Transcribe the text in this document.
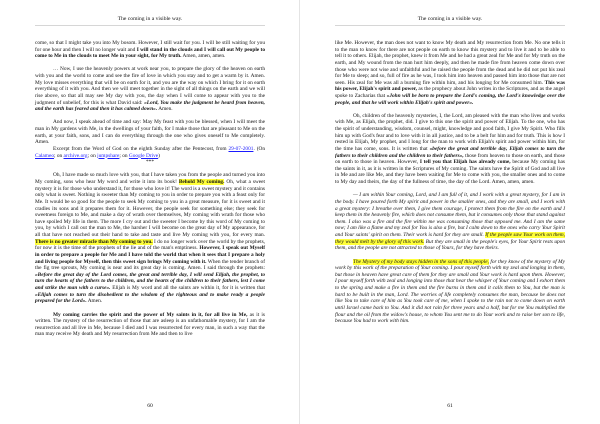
The coming in a visible way.

come, so that I might take you into My bosom. However, I still wait for you. I will be still waiting for you for one hour and then I will no longer wait and I will stand in the clouds and I will call out My people to come to Me in the clouds to meet Me in your sight, for My truth. Amen, amen, amen.

… Now, I use the heavenly powers at work near you, to prepare the glory of the heaven on earth with you and the world to come and see the fire of love in which you stay and to get a warm by it. Amen. My love misses everything that will be on earth for it, and you are the way on which I bring for it on earth everything of it with you. And then we will meet together in the sight of all things on the earth and we will rise above, so that all may see My day with you, the day when I will come to appear with you to the judgment of unbelief, for this is what David said: «Lord, You make the judgment be heard from heaven, and the earth has feared and then it has calmed down». Amen.

And now, I speak ahead of time and say: May My feast with you be blessed, when I will meet the man in My gardens with Me, in the dwellings of your faith, for I make those that are pleasant to Me on the earth, at your faith, sons, and I can do everything through the one who gives oneself to Me completely. Amen.

Excerpt from the Word of God on the eighth Sunday after the Pentecost, from 29-07-2001. (On Calameo; on archive.org; on jumpshare; on Google Drive)

***

Oh, I have made so much love with you, that I have taken you from the people and turned you into My coming, sons who hear My word and write it into its book! Behold My coming. Oh, what a sweet mystery it is for those who understand it, for those who love it! The word is a sweet mystery and it contains only what is sweet. Nothing is sweeter than My coming to you in order to prepare you with a feast only for Me. It would be so good for the people to seek My coming to you in a great measure, for it is sweet and it cradles its sons and it prepares them for it. However, the people seek for something else; they seek for sweetness foreign to Me, and make a day of wrath over themselves, My coming with wrath for those who have spoiled My life in them. The more I cry out and the sweeter I become by this word of My coming to you, by which I call out the man to Me, the harsher I will become on the great day of My appearance, for all that have not reached out their hand to take and taste and live My coming with you, for every man. There is no greater miracle than My coming to you. I do no longer work over the world by the prophets, for now it is the time of the prophets of the lie and of the man's emptiness. However, I speak out Myself in order to prepare a people for Me and I have told the world that when it sees that I prepare a holy and living people for Myself, then this sweet sign brings My coming with it. When the tender branch of the fig tree sprouts, My coming is near and its great day is coming. Amen. I said through the prophets: «Before the great day of the Lord comes, the great and terrible day, I will send Elijah, the prophet, to turn the hearts of the fathers to the children, and the hearts of the children to their fathers, lest I come and strike the man with a curse». Elijah is My word and all the saints are within it, for it is written that «Elijah comes to turn the disobedient to the wisdom of the righteous and to make ready a people prepared for the Lord». Amen.

My coming carries the spirit and the power of My saints in it, for all live in Me, as it is written. The mystery of the resurrection of those that are asleep is an unfathomable mystery, for I am the resurrection and all live in Me, because I died and I was resurrected for every man, in such a way that the man may receive My death and My resurrection from Me and then to live

60
The coming in a visible way.

like Me. However, the man does not want to know My death and My resurrection from Me. No one tells it to the man to know for there are not people on earth to know this mystery and to live it and to be able to tell it to others. Elijah, the prophet, knew it from Me and he had a great zeal for Me and for My truth on the earth, and My wound from the man hurt him deeply, and then he made fire from heaven come down over those who were not wise and unfaithful and he raised the people from the dead and he did not put his zeal for Me to sleep; and so, full of fire as he was, I took him into heaven and passed him into those that are not seen. His zeal for Me was all a burning fire within him, and his longing for Me consumed him. This was his power, Elijah's spirit and power, as the prophecy about John writes in the Scriptures, and as the angel spoke to Zacharias that «John will be born to prepare the Lord's coming, the Lord's knowledge over the people, and that he will work within Elijah's spirit and power».

Oh, children of the heavenly mysteries, I, the Lord, am pleased with the man who lives and works with Me, as Elijah, the prophet, did. I give to this one the spirit and power of Elijah. To the one, who has the spirit of understanding, wisdom, counsel, might, knowledge and good faith, I give My Spirit. Who fills him up with God's fear and to love with it in all justice, and to be a belt for him and for truth. This is how I rested in Elijah, My prophet, and I long for the man to work with Elijah's spirit and power within him, for the time has come, sons. It is written that «before the great and terrible day, Elijah comes to turn the fathers to their children and the children to their fathers», those from heaven to those on earth, and those on earth to those in heaven. However, I tell you that Elijah has already come, because My coming has the saints in it, as it is written in the Scriptures of My coming. The saints have the Spirit of God and all live in Me and are like Me, and they have been waiting for Me to come with you, the smaller ones and to come to My day and theirs, the day of the fullness of time, the day of the Lord. Amen, amen, amen.

— I am within Your coming, Lord, and I am full of it, and I work with a great mystery, for I am in the body. I have poured forth My spirit and power in the smaller ones, and they are small, and I work with a great mystery: I breathe over them, I give them courage, I protect them from the fire on the earth and I keep them in the heavenly fire, which does not consume them, but it consumes only those that stand against them. I also was a fire and the fire within me was consuming those that opposed me. And I am the same now; I am like a flame and my zeal for You is also a fire, but I calm down to the ones who carry Your Spirit and Your saints' spirit on them. Their work is hard for they are small. If the people saw Your work on them, they would melt by the glory of this work. But they are small in the people's eyes, for Your Spirit rests upon them, and the people are not attracted to those of Yours, for they have theirs.

The Mystery of my body stays hidden in the sons of this people, for they know of the mystery of My work by this work of the preparation of Your coming. I pour myself forth with my zeal and longing in them, but those in heaven have great care of them for they are small and Your work is hard upon them. However, I pour myself forth with zeal and longing into those that hear the whisper of Your coming and I exhort them to the spring and make a fire in them and the fire burns in them and it calls them to You, but the man is hard to be built in the man, Lord. The worries of life completely consumes the man, because he does not like You to take care of him as You took care of me, when I spoke to the rain not to come down on earth until Israel came back to You. And it did not rain for three years and a half, but for me You multiplied the flour and the oil from the widow's house, to whom You sent me to do Your work and to raise her son to life, because You had to work with him.

61
